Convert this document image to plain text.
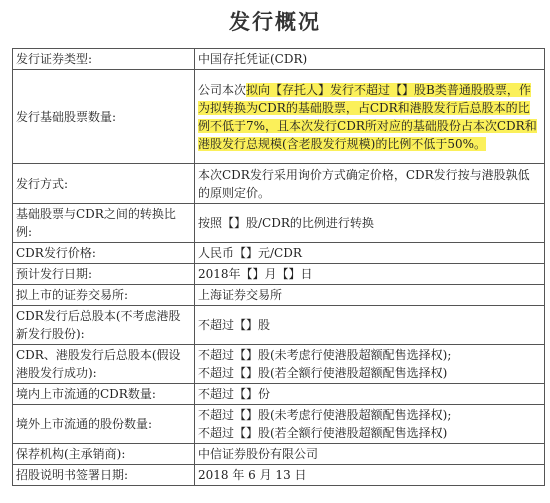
发行概况
发行证券类型:	中国存托凭证(CDR)
发行基础股票数量:	公司本次拟向【存托人】发行不超过【】股B类普通股股票，作为拟转换为CDR的基础股票，占CDR和港股发行后总股本的比例不低于7%，且本次发行CDR所对应的基础股份占本次CDR和港股发行总规模(含老股发行规模)的比例不低于50%。
发行方式:	本次CDR发行采用询价方式确定价格，CDR发行按与港股孰低的原则定价。
基础股票与CDR之间的转换比例:	按照【】股/CDR的比例进行转换
CDR发行价格:	人民币【】元/CDR
预计发行日期:	2018年【】月【】日
拟上市的证券交易所:	上海证券交易所
CDR发行后总股本(不考虑港股新发行股份):	不超过【】股
CDR、港股发行后总股本(假设港股发行成功):	不超过【】股(未考虑行使港股超额配售选择权);
不超过【】股(若全额行使港股超额配售选择权)

境内上市流通的CDR数量:	不超过【】份
境外上市流通的股份数量:	不超过【】股(未考虑行使港股超额配售选择权);
不超过【】股(若全额行使港股超额配售选择权)

保荐机构(主承销商):	中信证券股份有限公司
招股说明书签署日期:	2018 年 6 月 13 日
